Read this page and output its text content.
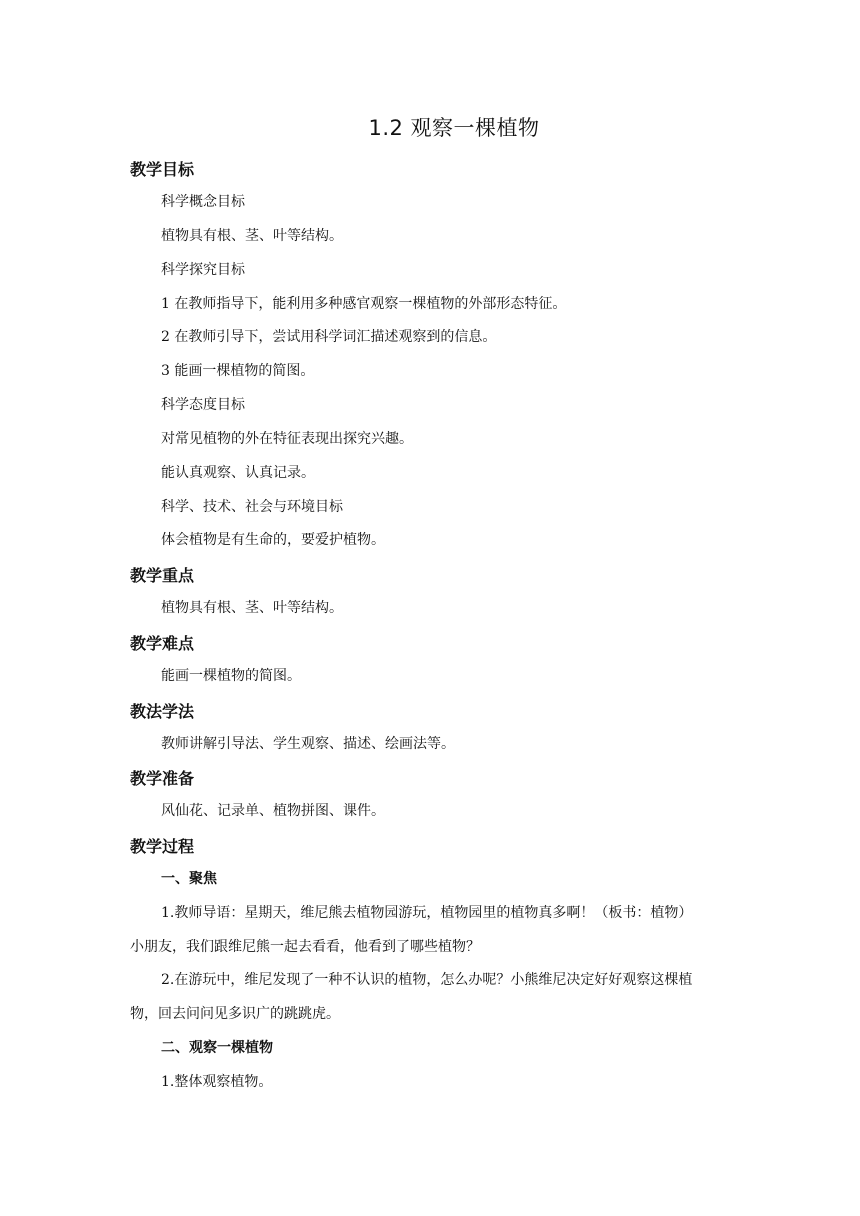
1.2 观察一棵植物
教学目标
科学概念目标
植物具有根、茎、叶等结构。
科学探究目标
1 在教师指导下，能利用多种感官观察一棵植物的外部形态特征。
2 在教师引导下，尝试用科学词汇描述观察到的信息。
3 能画一棵植物的简图。
科学态度目标
对常见植物的外在特征表现出探究兴趣。
能认真观察、认真记录。
科学、技术、社会与环境目标
体会植物是有生命的，要爱护植物。
教学重点
植物具有根、茎、叶等结构。
教学难点
能画一棵植物的简图。
教法学法
教师讲解引导法、学生观察、描述、绘画法等。
教学准备
风仙花、记录单、植物拼图、课件。
教学过程
一、聚焦
1.教师导语：星期天，维尼熊去植物园游玩，植物园里的植物真多啊！（板书：植物）
小朋友，我们跟维尼熊一起去看看，他看到了哪些植物？
2.在游玩中，维尼发现了一种不认识的植物，怎么办呢？小熊维尼决定好好观察这棵植
物，回去问问见多识广的跳跳虎。
二、观察一棵植物
1.整体观察植物。
